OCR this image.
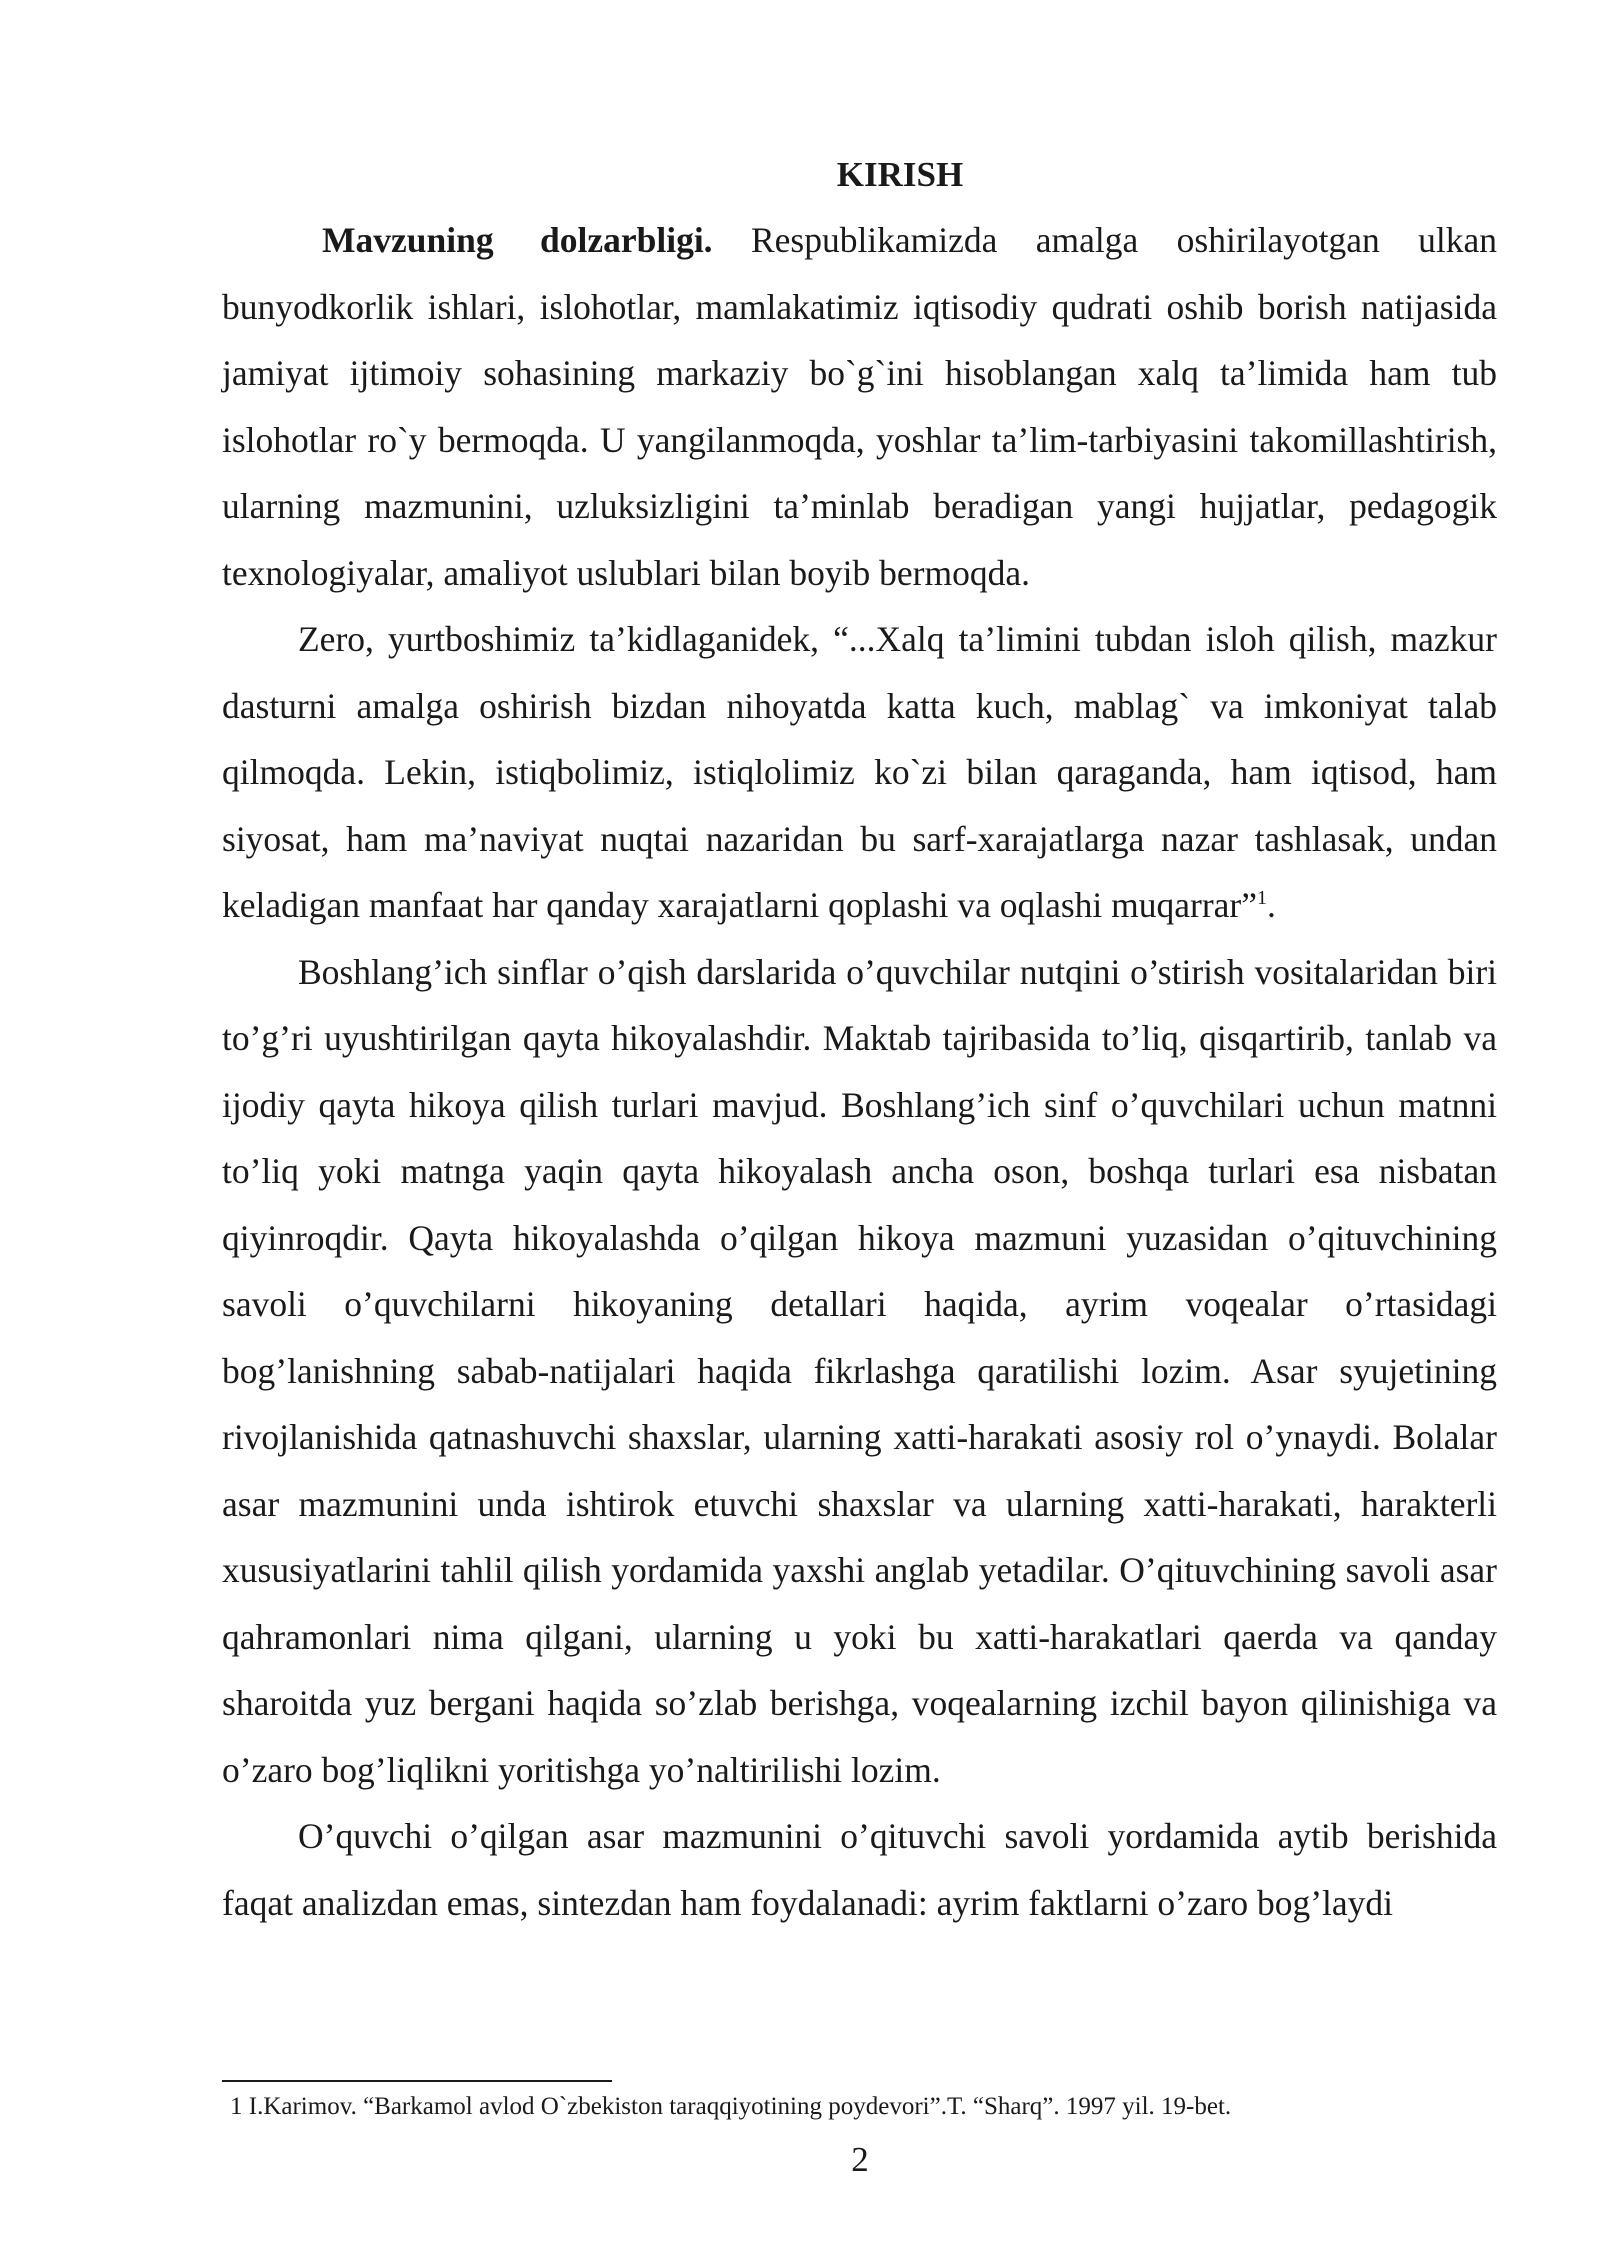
KIRISH

Mavzuning dolzarbligi. Respublikamizda amalga oshirilayotgan ulkan bunyodkorlik ishlari, islohotlar, mamlakatimiz iqtisodiy qudrati oshib borish natijasida jamiyat ijtimoiy sohasining markaziy bo`g`ini hisoblangan xalq ta’limida ham tub islohotlar ro`y bermoqda. U yangilanmoqda, yoshlar ta’lim-tarbiyasini takomillashtirish, ularning mazmunini, uzluksizligini ta’minlab beradigan yangi hujjatlar, pedagogik texnologiyalar, amaliyot uslublari bilan boyib bermoqda.

Zero, yurtboshimiz ta’kidlaganidek, “...Xalq ta’limini tubdan isloh qilish, mazkur dasturni amalga oshirish bizdan nihoyatda katta kuch, mablag` va imkoniyat talab qilmoqda. Lekin, istiqbolimiz, istiqlolimiz ko`zi bilan qaraganda, ham iqtisod, ham siyosat, ham ma’naviyat nuqtai nazaridan bu sarf-xarajatlarga nazar tashlasak, undan keladigan manfaat har qanday xarajatlarni qoplashi va oqlashi muqarrar”$^1$.

Boshlang’ich sinflar o’qish darslarida o’quvchilar nutqini o’stirish vositalaridan biri to’g’ri uyushtirilgan qayta hikoyalashdir. Maktab tajribasida to’liq, qisqartirib, tanlab va ijodiy qayta hikoya qilish turlari mavjud. Boshlang’ich sinf o’quvchilari uchun matnni to’liq yoki matnga yaqin qayta hikoyalash ancha oson, boshqa turlari esa nisbatan qiyinroqdir. Qayta hikoyalashda o’qilgan hikoya mazmuni yuzasidan o’qituvchining savoli o’quvchilarni hikoyaning detallari haqida, ayrim voqealar o’rtasidagi bog’lanishning sabab-natijalari haqida fikrlashga qaratilishi lozim. Asar syujetining rivojlanishida qatnashuvchi shaxslar, ularning xatti-harakati asosiy rol o’ynaydi. Bolalar asar mazmunini unda ishtirok etuvchi shaxslar va ularning xatti-harakati, harakterli xususiyatlarini tahlil qilish yordamida yaxshi anglab yetadilar. O’qituvchining savoli asar qahramonlari nima qilgani, ularning u yoki bu xatti-harakatlari qaerda va qanday sharoitda yuz bergani haqida so’zlab berishga, voqealarning izchil bayon qilinishiga va o’zaro bog’liqlikni yoritishga yo’naltirilishi lozim.

O’quvchi o’qilgan asar mazmunini o’qituvchi savoli yordamida aytib berishida faqat analizdan emas, sintezdan ham foydalanadi: ayrim faktlarni o’zaro bog’laydi

1 I.Karimov. “Barkamol avlod O`zbekiston taraqqiyotining poydevori”.T. “Sharq”. 1997 yil. 19-bet.
2
